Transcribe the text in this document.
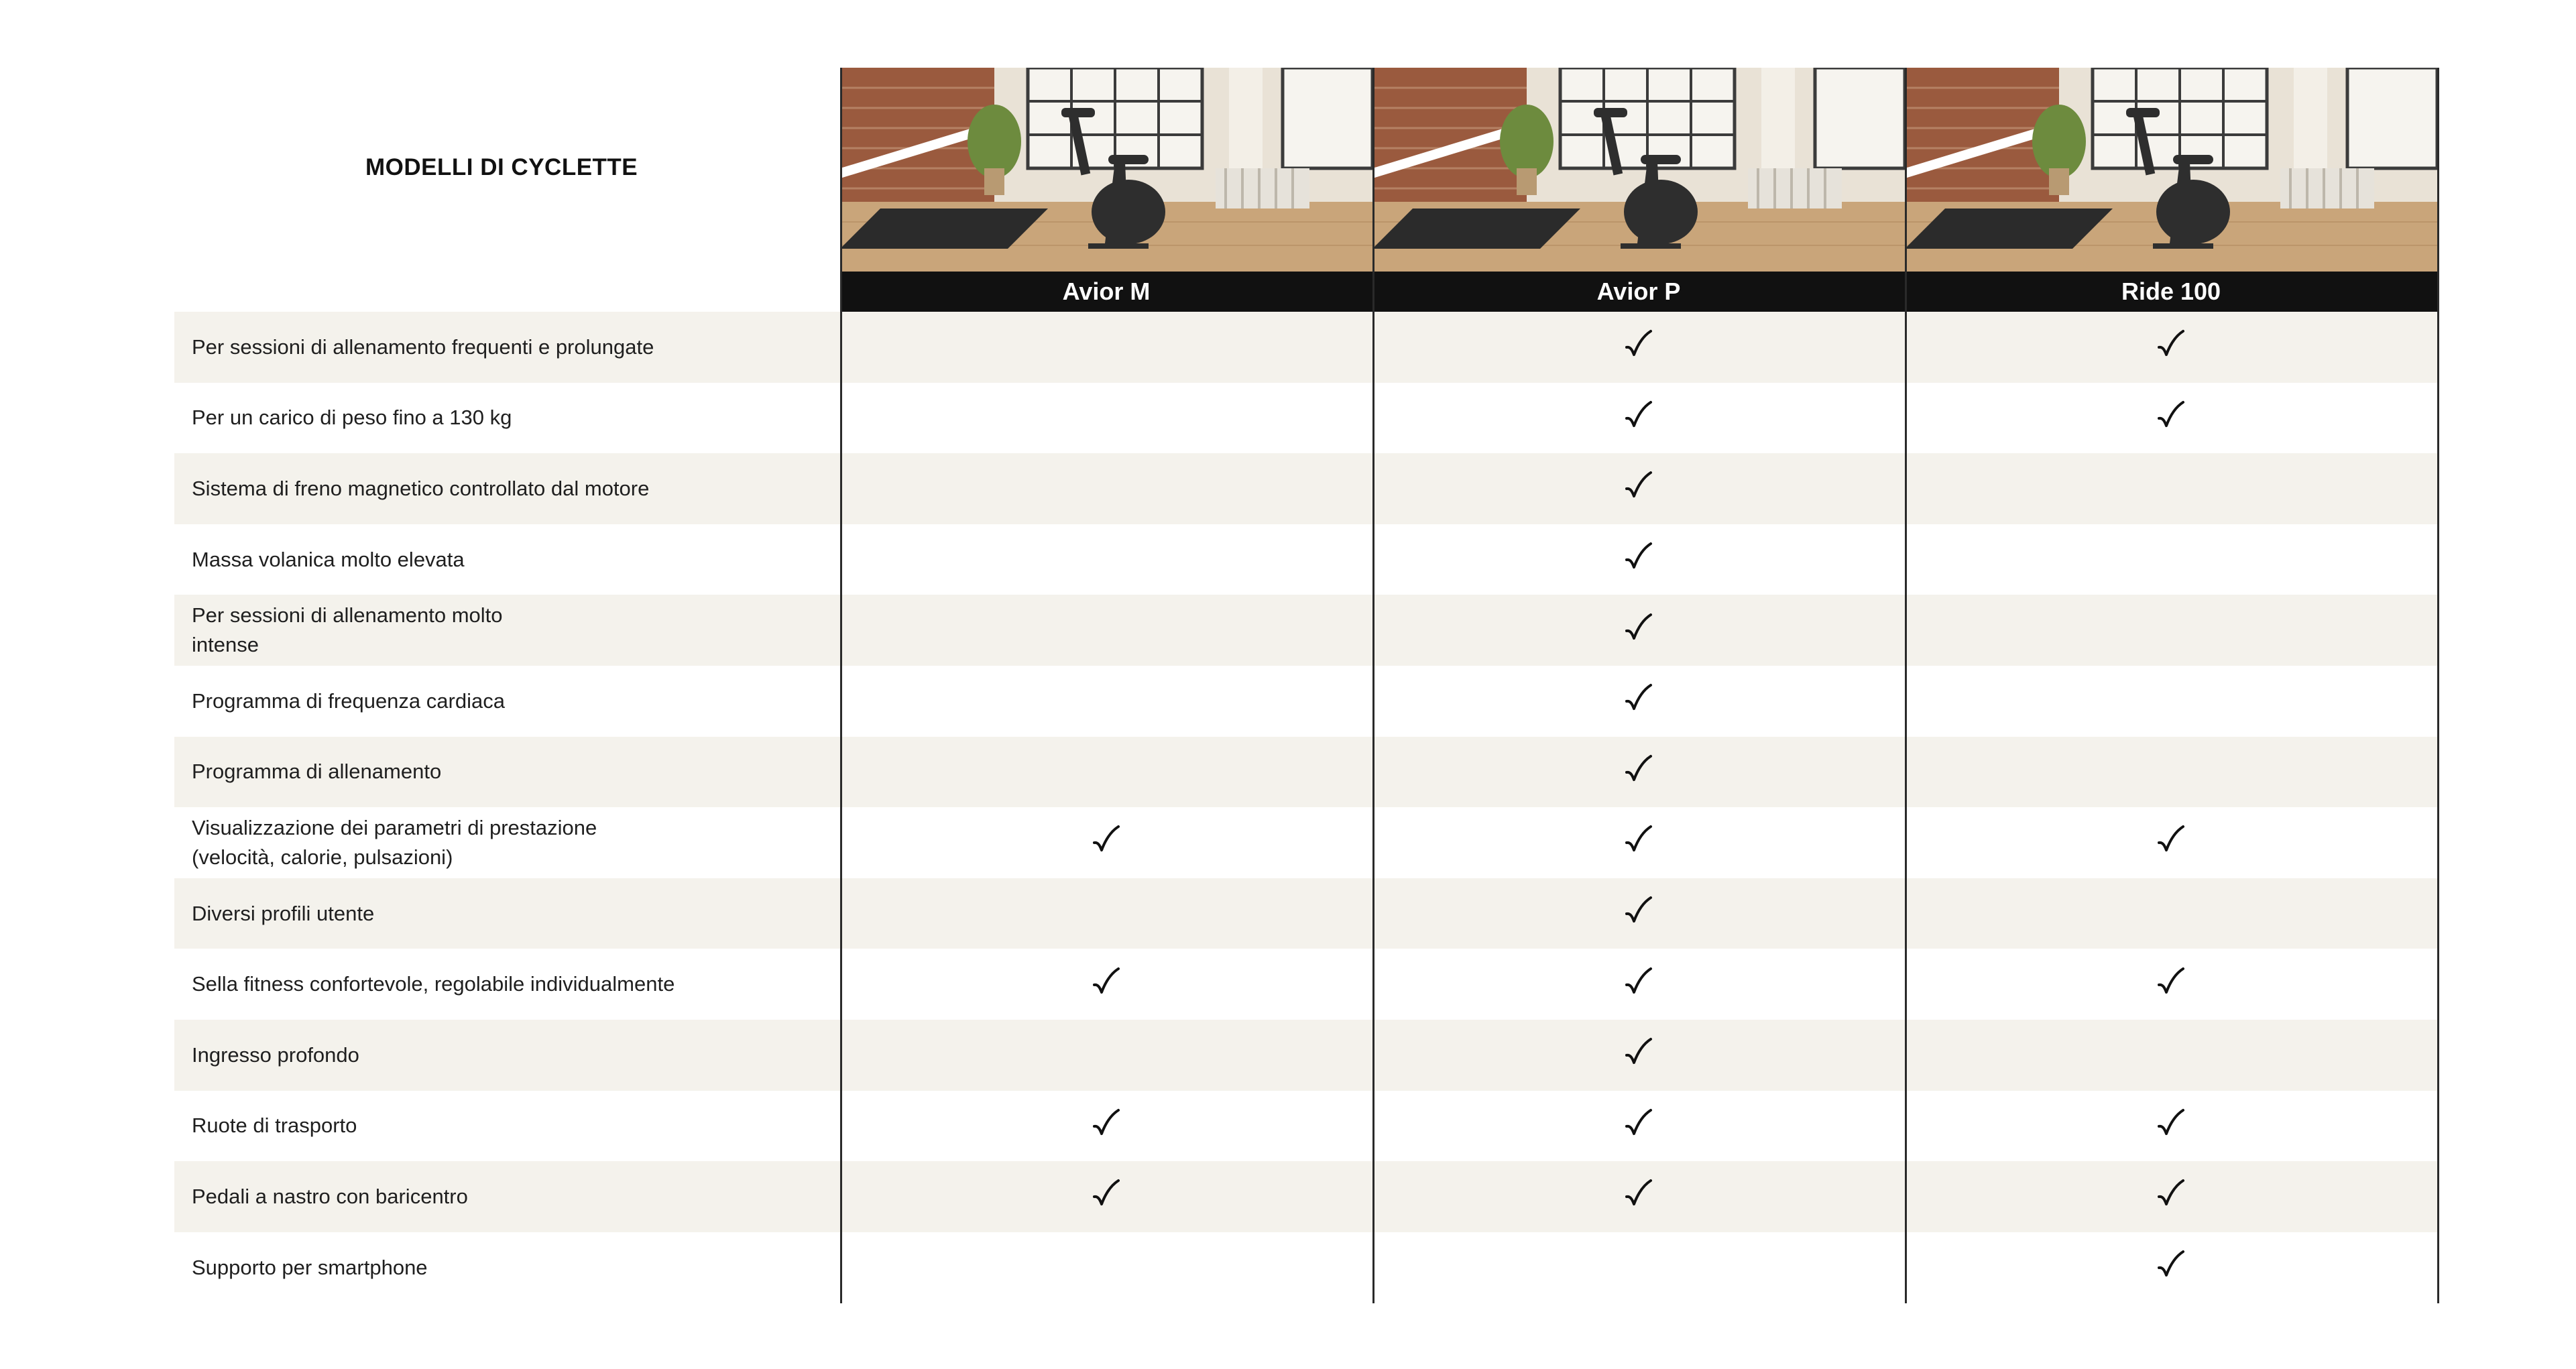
MODELLI DI CYCLETTE
Avior M	Avior P	Ride 100
Per sessioni di allenamento frequenti e prolungate
Per un carico di peso fino a 130 kg
Sistema di freno magnetico controllato dal motore
Massa volanica molto elevata
Per sessioni di allenamento molto
intense
Programma di frequenza cardiaca
Programma di allenamento
Visualizzazione dei parametri di prestazione
(velocità, calorie, pulsazioni)
Diversi profili utente
Sella fitness confortevole, regolabile individualmente
Ingresso profondo
Ruote di trasporto
Pedali a nastro con baricentro
Supporto per smartphone
